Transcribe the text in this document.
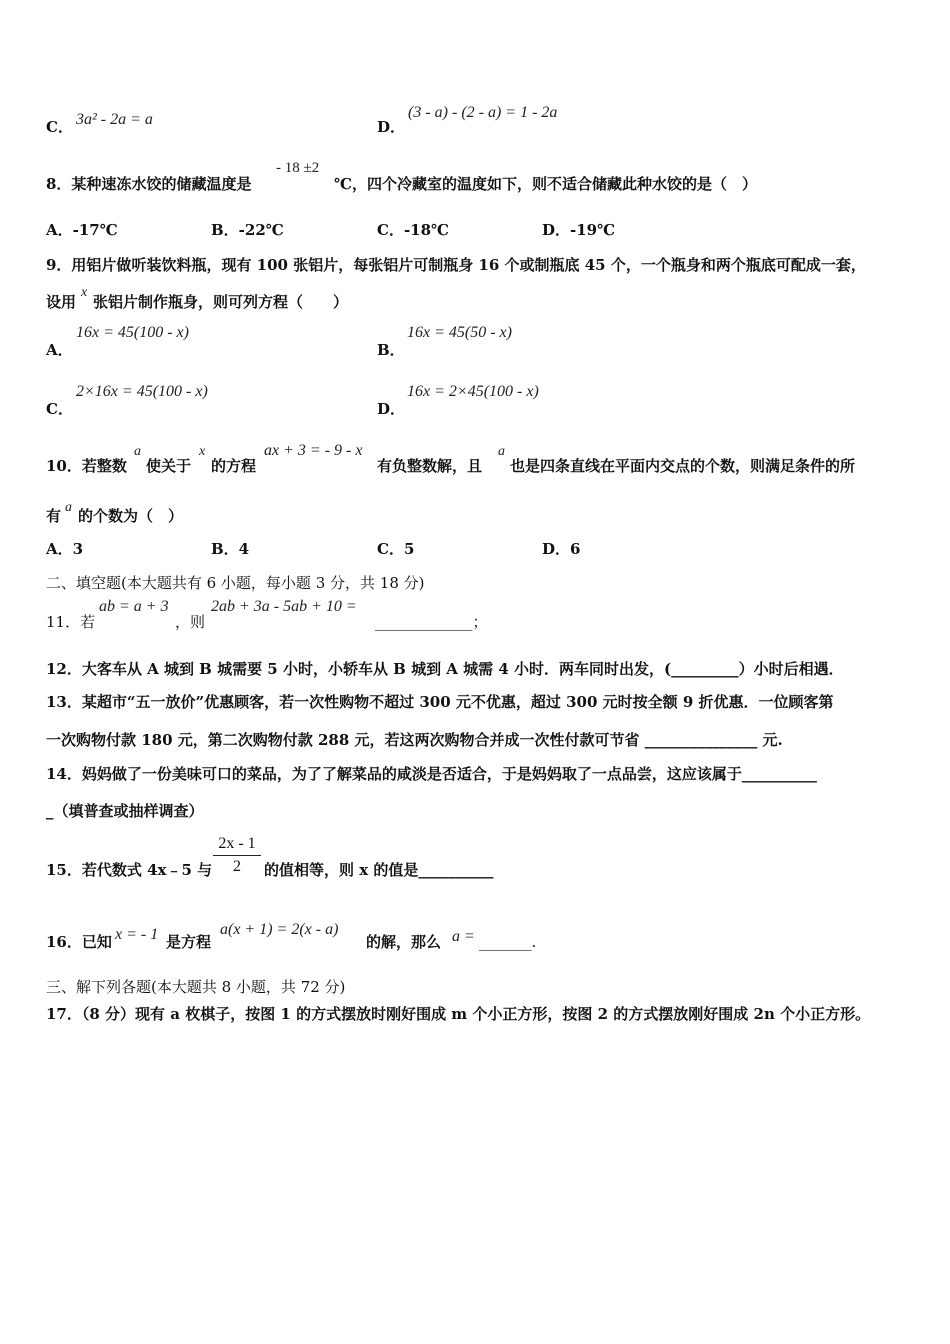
C． 3a² - 2a = a	D．
(3 - a) - (2 - a) = 1 - 2a
8．某种速冻水饺的储藏温度是
- 18 ±2
℃，四个冷藏室的温度如下，则不适合储藏此种水饺的是（　）
A．-17℃	B．-22℃	C．-18℃	D．-19℃
9．用铝片做听装饮料瓶，现有 100 张铝片，每张铝片可制瓶身 16 个或制瓶底 45 个，一个瓶身和两个瓶底可配成一套，
设用
x
张铝片制作瓶身，则可列方程（　　）
A．
16x = 45(100 - x)
B．
16x = 45(50 - x)
C．
2×16x = 45(100 - x)
D．
16x = 2×45(100 - x)
10．若整数
a
使关于
x
的方程
ax + 3 = - 9 - x
有负整数解，且
a
也是四条直线在平面内交点的个数，则满足条件的所
有 a 的个数为（　）
A．3	B．4	C．5	D．6
二、填空题(本大题共有 6 小题，每小题 3 分，共 18 分)
11．若
ab = a + 3
，则
2ab + 3a - 5ab + 10 =
_____________；
12．大客车从 A 城到 B 城需要 5 小时，小轿车从 B 城到 A 城需 4 小时．两车同时出发，(_________）小时后相遇．
13．某超市“五一放价”优惠顾客，若一次性购物不超过 300 元不优惠，超过 300 元时按全额 9 折优惠．一位顾客第
一次购物付款 180 元，第二次购物付款 288 元，若这两次购物合并成一次性付款可节省 _______________ 元.
14．妈妈做了一份美味可口的菜品，为了了解菜品的咸淡是否适合，于是妈妈取了一点品尝，这应该属于__________
_（填普查或抽样调查）
15．若代数式 4x﹣5 与
2x - 1
2	的值相等，则 x 的值是__________
16．已知 x = - 1 是方程
a(x + 1) = 2(x - a)
的解，那么 a = _______.
三、解下列各题(本大题共 8 小题，共 72 分)
17．（8 分）现有 a 枚棋子，按图 1 的方式摆放时刚好围成 m 个小正方形，按图 2 的方式摆放刚好围成 2n 个小正方形。
